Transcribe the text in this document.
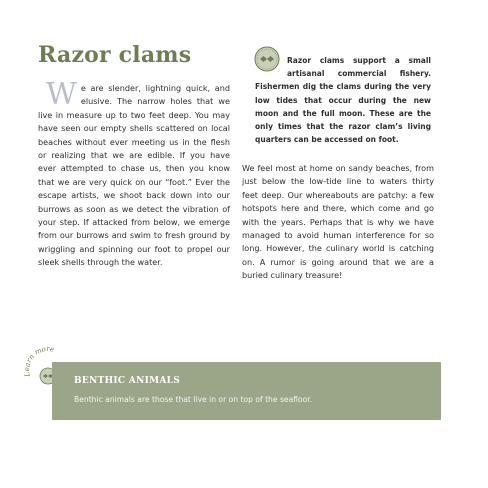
Razor clams
W e are slender, lightning quick, and elusive. The narrow holes that we live in measure up to two feet deep. You may have seen our empty shells scattered on local beaches without ever meeting us in the flesh or realizing that we are edible. If you have ever attempted to chase us, then you know that we are very quick on our “foot.” Ever the escape artists, we shoot back down into our burrows as soon as we detect the vibration of your step. If attacked from below, we emerge from our burrows and swim to fresh ground by wriggling and spinning our foot to propel our sleek shells through the water.
Razor clams support a small artisanal commercial fishery. Fishermen dig the clams during the very low tides that occur during the new moon and the full moon. These are the only times that the razor clam’s living quarters can be accessed on foot.
We feel most at home on sandy beaches, from just below the low-tide line to waters thirty feet deep. Our whereabouts are patchy: a few hotspots here and there, which come and go with the years. Perhaps that is why we have managed to avoid human interference for so long. However, the culinary world is catching on. A rumor is going around that we are a buried culinary treasure!
Learn more
BENTHIC ANIMALS
Benthic animals are those that live in or on top of the seafloor.
